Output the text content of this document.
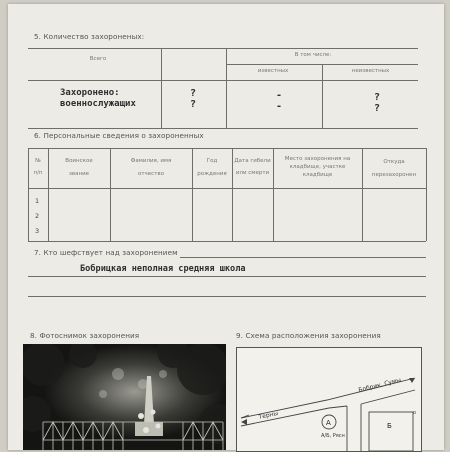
5. Количество захороненых:
Всего
В том числе:
известных	неизвестных
Захоронено:
военнослужащих
?
?
-
-
?
?
6. Персональные сведения о захороненных
№
п/п
Воинское
звание
Фамилия, имя
отчество
Год
рождения
Дата гибели
или смерти
Место захоронения на
кладбище, участке
кладбище
Откуда
перезахоронен
1
2
3
7. Кто шефствует над захоронением
Бобрицкая неполная средняя школа
8. Фотоснимок захоронения	9. Схема расположения захоронения
Бобрик, Сумы
Терны
А
А/Б, Рясн
Б
o
